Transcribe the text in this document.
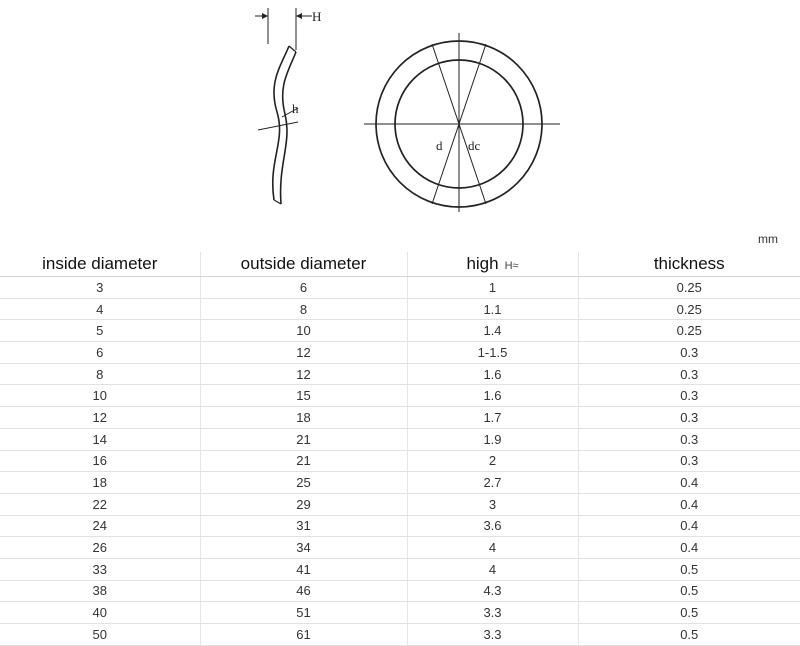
H
h
d dc
mm
inside diameter	outside diameter	high H≈	thickness
3	6	1	0.25
4	8	1.1	0.25
5	10	1.4	0.25
6	12	1-1.5	0.3
8	12	1.6	0.3
10	15	1.6	0.3
12	18	1.7	0.3
14	21	1.9	0.3
16	21	2	0.3
18	25	2.7	0.4
22	29	3	0.4
24	31	3.6	0.4
26	34	4	0.4
33	41	4	0.5
38	46	4.3	0.5
40	51	3.3	0.5
50	61	3.3	0.5
